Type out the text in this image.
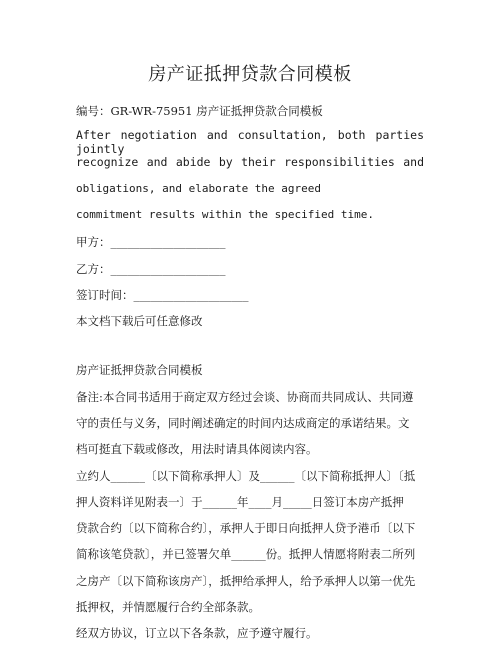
房产证抵押贷款合同模板
编号：GR-WR-75951 房产证抵押贷款合同模板
After negotiation and consultation, both parties jointly
recognize and abide by their responsibilities and
obligations, and elaborate the agreed
commitment results within the specified time.
甲方：____________________
乙方：____________________
签订时间：____________________
本文档下载后可任意修改
房产证抵押贷款合同模板
备注:本合同书适用于商定双方经过会谈、协商而共同成认、共同遵
守的责任与义务，同时阐述确定的时间内达成商定的承诺结果。文
档可挺直下载或修改，用法时请具体阅读内容。
立约人______〔以下简称承押人〕及______〔以下简称抵押人〕〔抵
押人资料详见附表一〕于______年____月_____日签订本房产抵押
贷款合约〔以下简称合约〕，承押人于即日向抵押人贷予港币〔以下
简称该笔贷款〕，并已签署欠单______份。抵押人情愿将附表二所列
之房产〔以下简称该房产〕，抵押给承押人，给予承押人以第一优先
抵押权，并情愿履行合约全部条款。
经双方协议，订立以下各条款，应予遵守履行。
